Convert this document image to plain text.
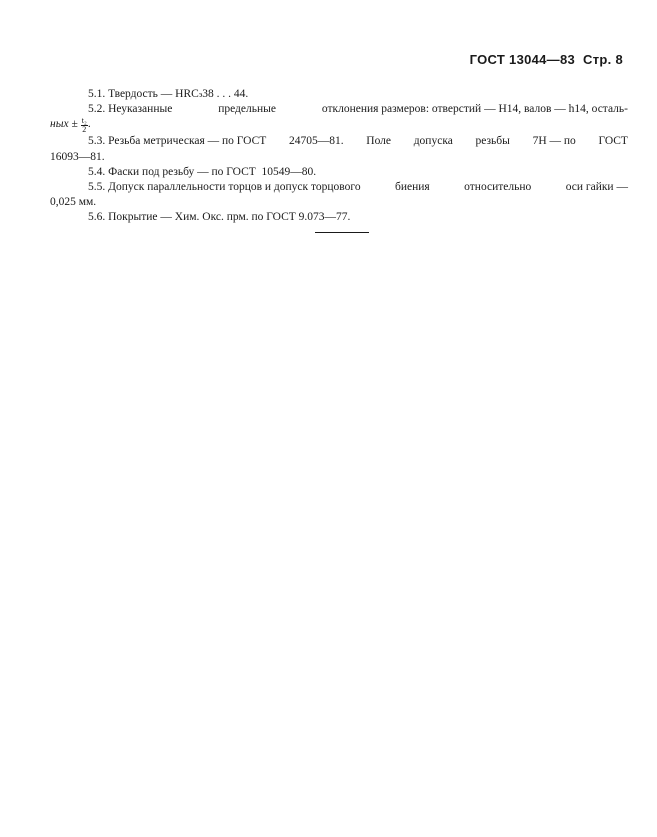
ГОСТ 13044—83 Стр. 8
5.1. Твердость — HRC э 38 . . . 44.
5.2. Неуказанные	предельные	отклонения размеров: отверстий — Н14, валов — h14, осталь-
ных ± $\frac{\text{t₂}}{2}$ .
5.3. Резьба метрическая — по ГОСТ 24705—81. Поле допуска резьбы 7Н — по ГОСТ
16093—81.
5.4. Фаски под резьбу — по ГОСТ  10549—80.
5.5. Допуск параллельности торцов и допуск торцового	биения	относительно	оси гайки —
0,025 мм.
5.6. Покрытие — Хим. Окс. прм. по ГОСТ 9.073—77.
